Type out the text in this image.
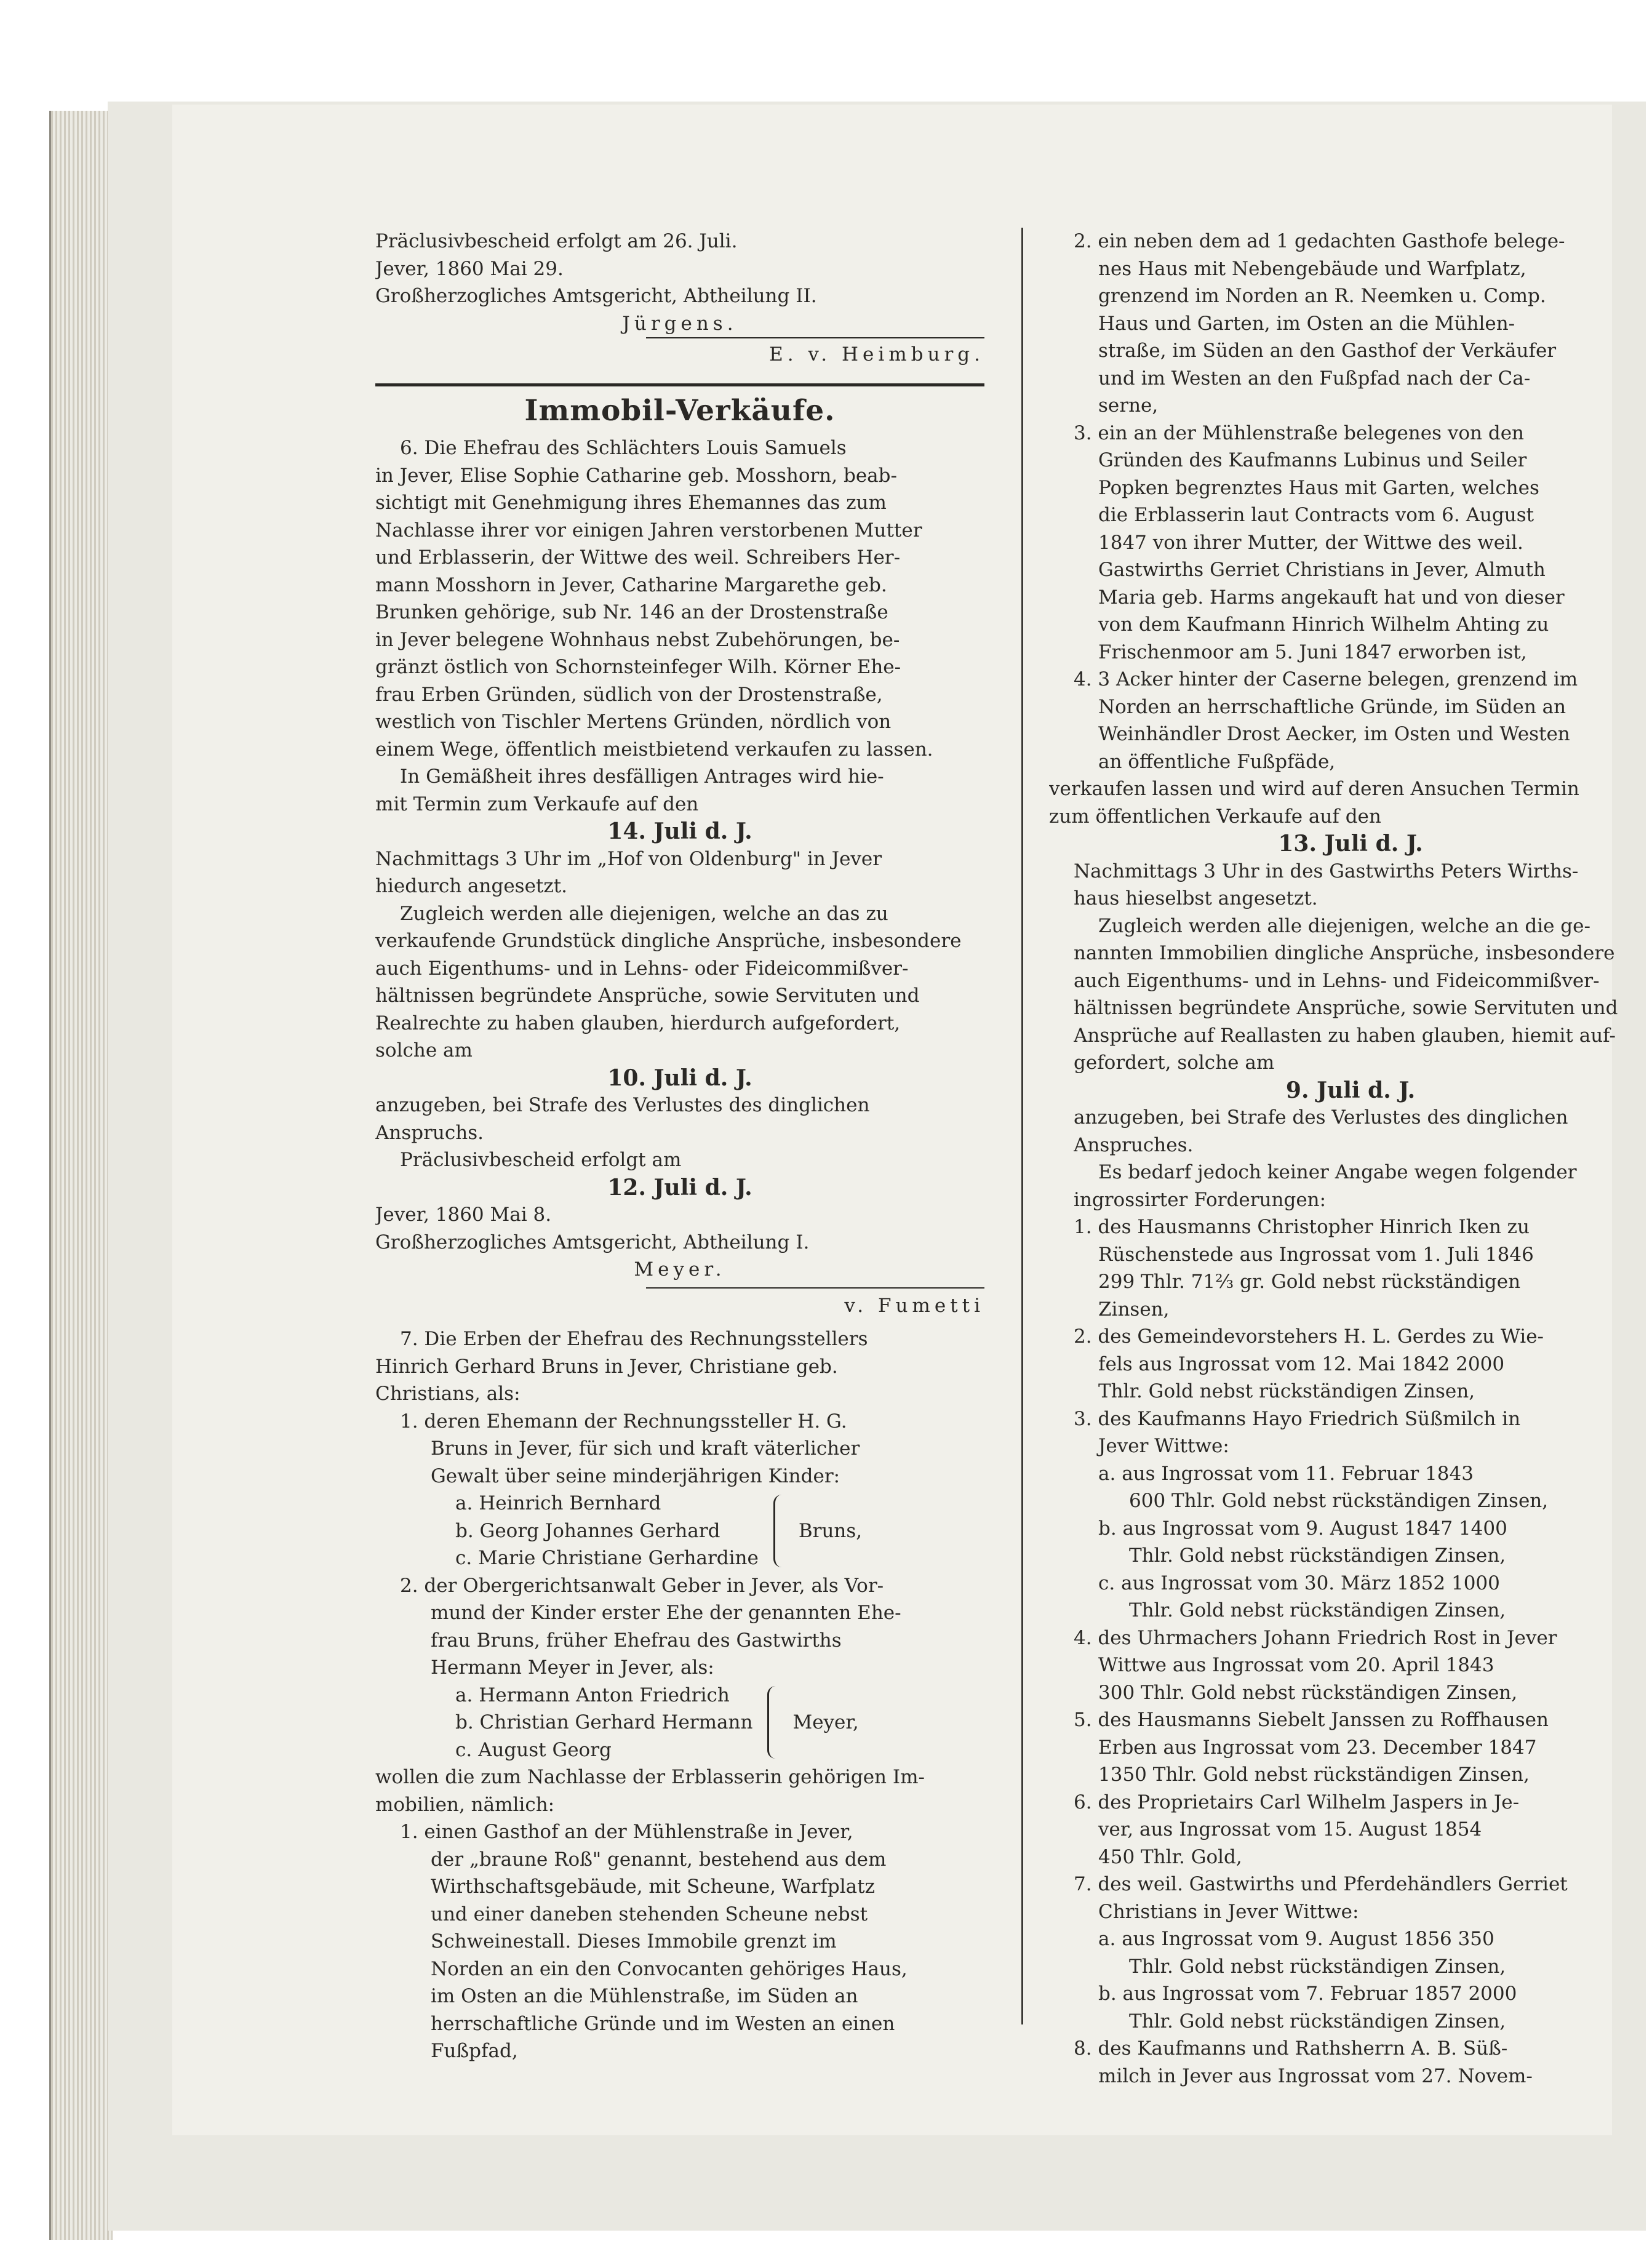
Präclusivbescheid erfolgt am 26. Juli.
Jever, 1860 Mai 29.
Großherzogliches Amtsgericht, Abtheilung II.
Jürgens.
E. v. Heimburg.
Immobil-Verkäufe.
6. Die Ehefrau des Schlächters Louis Samuels
in Jever, Elise Sophie Catharine geb. Mosshorn, beab-
sichtigt mit Genehmigung ihres Ehemannes das zum
Nachlasse ihrer vor einigen Jahren verstorbenen Mutter
und Erblasserin, der Wittwe des weil. Schreibers Her-
mann Mosshorn in Jever, Catharine Margarethe geb.
Brunken gehörige, sub Nr. 146 an der Drostenstraße
in Jever belegene Wohnhaus nebst Zubehörungen, be-
gränzt östlich von Schornsteinfeger Wilh. Körner Ehe-
frau Erben Gründen, südlich von der Drostenstraße,
westlich von Tischler Mertens Gründen, nördlich von
einem Wege, öffentlich meistbietend verkaufen zu lassen.
In Gemäßheit ihres desfälligen Antrages wird hie-
mit Termin zum Verkaufe auf den
14. Juli d. J.
Nachmittags 3 Uhr im „Hof von Oldenburg" in Jever
hiedurch angesetzt.
Zugleich werden alle diejenigen, welche an das zu
verkaufende Grundstück dingliche Ansprüche, insbesondere
auch Eigenthums- und in Lehns- oder Fideicommißver-
hältnissen begründete Ansprüche, sowie Servituten und
Realrechte zu haben glauben, hierdurch aufgefordert,
solche am
10. Juli d. J.
anzugeben, bei Strafe des Verlustes des dinglichen
Anspruchs.
Präclusivbescheid erfolgt am
12. Juli d. J.
Jever, 1860 Mai 8.
Großherzogliches Amtsgericht, Abtheilung I.
Meyer.
v. Fumetti
7. Die Erben der Ehefrau des Rechnungsstellers
Hinrich Gerhard Bruns in Jever, Christiane geb.
Christians, als:
1. deren Ehemann der Rechnungssteller H. G.
Bruns in Jever, für sich und kraft väterlicher
Gewalt über seine minderjährigen Kinder:
a. Heinrich Bernhard
b. Georg Johannes Gerhard
c. Marie Christiane Gerhardine
Bruns,
2. der Obergerichtsanwalt Geber in Jever, als Vor-
mund der Kinder erster Ehe der genannten Ehe-
frau Bruns, früher Ehefrau des Gastwirths
Hermann Meyer in Jever, als:
a. Hermann Anton Friedrich
b. Christian Gerhard Hermann
c. August Georg
Meyer,
wollen die zum Nachlasse der Erblasserin gehörigen Im-
mobilien, nämlich:
1. einen Gasthof an der Mühlenstraße in Jever,
der „braune Roß" genannt, bestehend aus dem
Wirthschaftsgebäude, mit Scheune, Warfplatz
und einer daneben stehenden Scheune nebst
Schweinestall. Dieses Immobile grenzt im
Norden an ein den Convocanten gehöriges Haus,
im Osten an die Mühlenstraße, im Süden an
herrschaftliche Gründe und im Westen an einen
Fußpfad,
2. ein neben dem ad 1 gedachten Gasthofe belege-
nes Haus mit Nebengebäude und Warfplatz,
grenzend im Norden an R. Neemken u. Comp.
Haus und Garten, im Osten an die Mühlen-
straße, im Süden an den Gasthof der Verkäufer
und im Westen an den Fußpfad nach der Ca-
serne,
3. ein an der Mühlenstraße belegenes von den
Gründen des Kaufmanns Lubinus und Seiler
Popken begrenztes Haus mit Garten, welches
die Erblasserin laut Contracts vom 6. August
1847 von ihrer Mutter, der Wittwe des weil.
Gastwirths Gerriet Christians in Jever, Almuth
Maria geb. Harms angekauft hat und von dieser
von dem Kaufmann Hinrich Wilhelm Ahting zu
Frischenmoor am 5. Juni 1847 erworben ist,
4. 3 Acker hinter der Caserne belegen, grenzend im
Norden an herrschaftliche Gründe, im Süden an
Weinhändler Drost Aecker, im Osten und Westen
an öffentliche Fußpfäde,
verkaufen lassen und wird auf deren Ansuchen Termin
zum öffentlichen Verkaufe auf den
13. Juli d. J.
Nachmittags 3 Uhr in des Gastwirths Peters Wirths-
haus hieselbst angesetzt.
Zugleich werden alle diejenigen, welche an die ge-
nannten Immobilien dingliche Ansprüche, insbesondere
auch Eigenthums- und in Lehns- und Fideicommißver-
hältnissen begründete Ansprüche, sowie Servituten und
Ansprüche auf Reallasten zu haben glauben, hiemit auf-
gefordert, solche am
9. Juli d. J.
anzugeben, bei Strafe des Verlustes des dinglichen
Anspruches.
Es bedarf jedoch keiner Angabe wegen folgender
ingrossirter Forderungen:
1. des Hausmanns Christopher Hinrich Iken zu
Rüschenstede aus Ingrossat vom 1. Juli 1846
299 Thlr. 71⅔ gr. Gold nebst rückständigen
Zinsen,
2. des Gemeindevorstehers H. L. Gerdes zu Wie-
fels aus Ingrossat vom 12. Mai 1842 2000
Thlr. Gold nebst rückständigen Zinsen,
3. des Kaufmanns Hayo Friedrich Süßmilch in
Jever Wittwe:
a. aus Ingrossat vom 11. Februar 1843
600 Thlr. Gold nebst rückständigen Zinsen,
b. aus Ingrossat vom 9. August 1847 1400
Thlr. Gold nebst rückständigen Zinsen,
c. aus Ingrossat vom 30. März 1852 1000
Thlr. Gold nebst rückständigen Zinsen,
4. des Uhrmachers Johann Friedrich Rost in Jever
Wittwe aus Ingrossat vom 20. April 1843
300 Thlr. Gold nebst rückständigen Zinsen,
5. des Hausmanns Siebelt Janssen zu Roffhausen
Erben aus Ingrossat vom 23. December 1847
1350 Thlr. Gold nebst rückständigen Zinsen,
6. des Proprietairs Carl Wilhelm Jaspers in Je-
ver, aus Ingrossat vom 15. August 1854
450 Thlr. Gold,
7. des weil. Gastwirths und Pferdehändlers Gerriet
Christians in Jever Wittwe:
a. aus Ingrossat vom 9. August 1856 350
Thlr. Gold nebst rückständigen Zinsen,
b. aus Ingrossat vom 7. Februar 1857 2000
Thlr. Gold nebst rückständigen Zinsen,
8. des Kaufmanns und Rathsherrn A. B. Süß-
milch in Jever aus Ingrossat vom 27. Novem-
